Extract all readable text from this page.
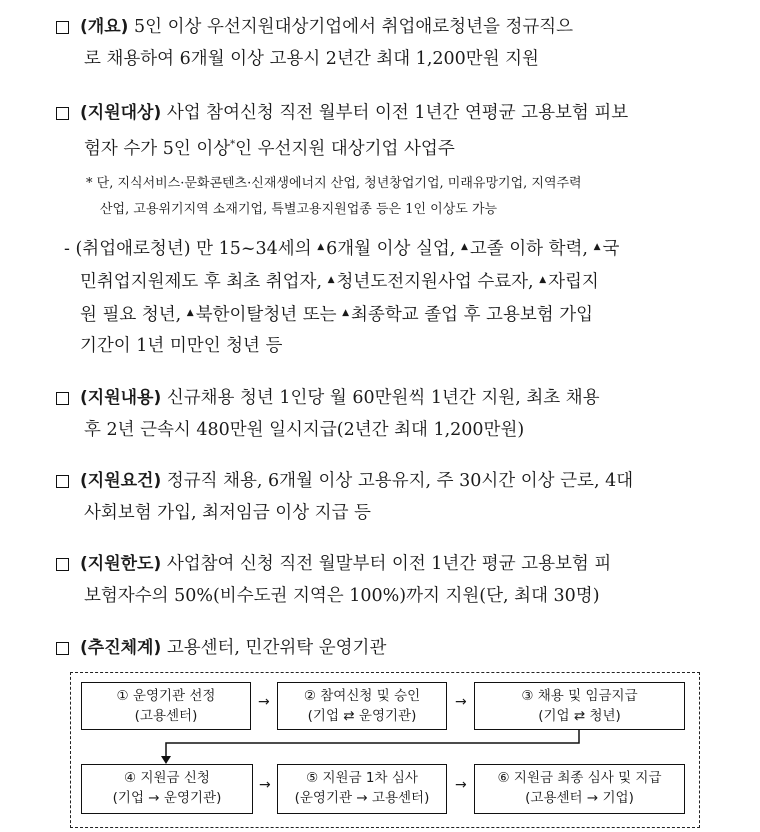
(개요) 5인 이상 우선지원대상기업에서 취업애로청년을 정규직으
로 채용하여 6개월 이상 고용시 2년간 최대 1,200만원 지원
(지원대상) 사업 참여신청 직전 월부터 이전 1년간 연평균 고용보험 피보
험자 수가 5인 이상*인 우선지원 대상기업 사업주
* 단, 지식서비스·문화콘텐츠·신재생에너지 산업, 청년창업기업, 미래유망기업, 지역주력
산업, 고용위기지역 소재기업, 특별고용지원업종 등은 1인 이상도 가능
- (취업애로청년) 만 15~34세의 ▲ 6개월 이상 실업, ▲ 고졸 이하 학력, ▲ 국
민취업지원제도 후 최초 취업자, ▲ 청년도전지원사업 수료자, ▲ 자립지
원 필요 청년, ▲ 북한이탈청년 또는 ▲ 최종학교 졸업 후 고용보험 가입
기간이 1년 미만인 청년 등
(지원내용) 신규채용 청년 1인당 월 60만원씩 1년간 지원, 최초 채용
후 2년 근속시 480만원 일시지급(2년간 최대 1,200만원)
(지원요건) 정규직 채용, 6개월 이상 고용유지, 주 30시간 이상 근로, 4대
사회보험 가입, 최저임금 이상 지급 등
(지원한도) 사업참여 신청 직전 월말부터 이전 1년간 평균 고용보험 피
보험자수의 50%(비수도권 지역은 100%)까지 지원(단, 최대 30명)
(추진체계) 고용센터, 민간위탁 운영기관
① 운영기관 선정
(고용센터)
→	② 참여신청 및 승인
(기업 ⇄ 운영기관)
→	③ 채용 및 임금지급
(기업 ⇄ 청년)
④ 지원금 신청
(기업 → 운영기관)
→	⑤ 지원금 1차 심사
(운영기관 → 고용센터)
→	⑥ 지원금 최종 심사 및 지급
(고용센터 → 기업)
